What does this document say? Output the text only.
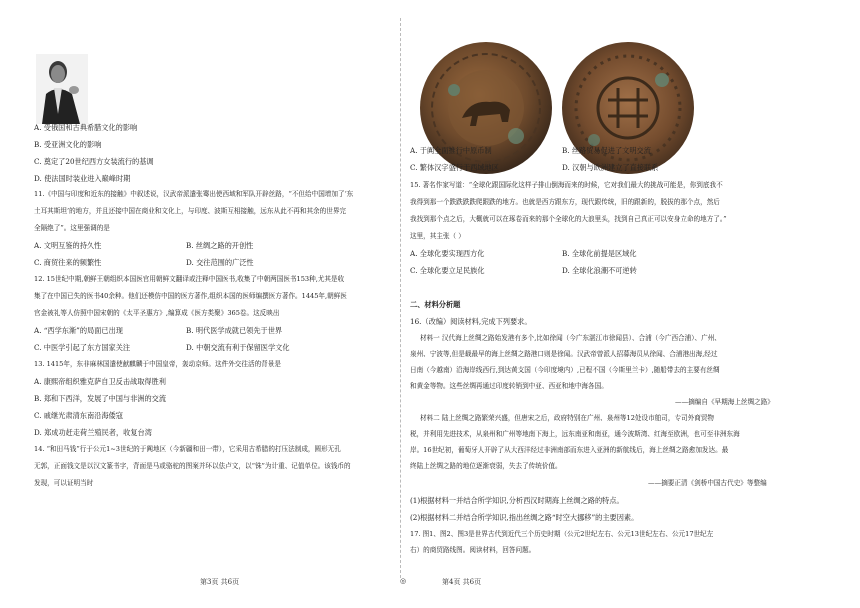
A. 受俄国和古典希腊文化的影响
B. 受亚洲文化的影响
C. 奠定了20世纪西方女装流行的基调
D. 使法国时装业进入巅峰时期
11.《中国与印度和近东的接触》中叙述说，汉武帝派遣张骞出使西域和军队开辟丝路，“不但给中国增加了‘东
土耳其斯坦’的地方，并且还接中国在商业和文化上，与印度、波斯互相接触，远东从此不再和其余的世界完
全隔绝了”。这里强调的是
A. 文明互鉴的持久性	B. 丝绸之路的开创性
C. 商贸往来的频繁性	D. 交往范围的广泛性
12. 15世纪中期,朝鲜王朝组织本国医官用朝鲜文翻译或注释中国医书,收集了中朝两国医书153种,尤其是收
集了在中国已失的医书40余种。他们还模仿中国的医方著作,组织本国的医师编撰医方著作。1445年,朝鲜医
官金被礼等人仿照中国宋朝的《太平圣惠方》,编算成《医方类聚》365卷。这反映出
A. “西学东渐”的局面已出现	B. 明代医学成就已领先于世界
C. 中医学引起了东方国家关注	D. 中朝交流有利于保留医学文化
13. 1415年，东非麻林国遣使献麒麟于中国皇帝，轰动京师。这件外交往活的背景是
A. 康熙帝组织雅克萨自卫反击战取得胜利
B. 郑和下西洋，发展了中国与非洲的交流
C. 戚继光肃清东南沿海倭寇
D. 郑成功赶走荷兰殖民者，收复台湾
14. “和田马钱”行于公元1~3世纪的于阗地区（今新疆和田一带），它采用古希腊的打压法制成，圆形无孔
无郭，正面钱文是以汉文篆书字，背面是马或骆驼的图案并环以佉卢文，以“铢”为计重、记值单位。该钱币的
发现，可以证明当时
第3页 共6页	◎	第4页 共6页
A. 于阗全面推行中原币制	B. 丝路贸易促进了文明交流
C. 繁体汉字盛行于西域地区	D. 汉朝与欧洲建立了直接联系
15. 著名作家写道：“全球化跟国际化这样子排山倒海而来的时候，它对我们最大的挑战可能是，你到底我不
我得到那一个跌跌跌跌爬跟跌的地方。也就是西方跟东方，现代跟传统，旧的跟新的，脱拔的那个点，然后
我找到那个点之后，大概就可以在琢卷而来的那个全球化的大浪里头，找到自己真正可以安身立命的地方了。”
这里，其主张（ ）
A. 全球化要实现西方化	B. 全球化前提是区域化
C. 全球化要立足民族化	D. 全球化浪潮不可逆转
二、材料分析题
16.（改编）阅读材料,完成下列要求。
材料一 汉代海上丝绸之路始发港有多个,比如徐闻（今广东湛江市徐闻县）、合浦（今广西合浦）、广州、
泉州、宁波等,但是载最早的海上丝绸之路港口则是徐闻。汉武帝曾派人招募海员从徐闻、合浦港出海,经过
日南（今越南）沿海岸线西行,到达黄支国（今印度境内）,已程不国（今斯里兰卡）,随船带去的主要有丝绸
和黄金等物。这些丝绸再通过印度转销到中亚、西亚和地中海各国。
——摘编自《早期海上丝绸之路》
材料二 陆上丝绸之路繁荣兴盛，但唐宋之后，政府特别在广州、泉州等12处设市舶司，专司外商贸物
税，并利用先进技术，从泉州和广州等地南下海上，远东南亚和南亚，通今波斯湾、红海至欧洲，也可至非洲东海
岸。16世纪初，葡萄牙人开辟了从大西洋经过非洲南部而东进入亚洲的新航线后，海上丝绸之路愈加发达。最
终陆上丝绸之路的地位逐渐衰弱，失去了传统价值。
——摘要正清《剑桥中国古代史》等整编
(1)根据材料一并结合所学知识,分析西汉时期海上丝绸之路的特点。
(2)根据材料二并结合所学知识,指出丝绸之路“时空大挪移”的主要因素。
17. 图1、图2、图3是世界古代到近代三个历史时期（公元2世纪左右、公元13世纪左右、公元17世纪左
右）的商贸路线图。阅读材料，回答问题。
